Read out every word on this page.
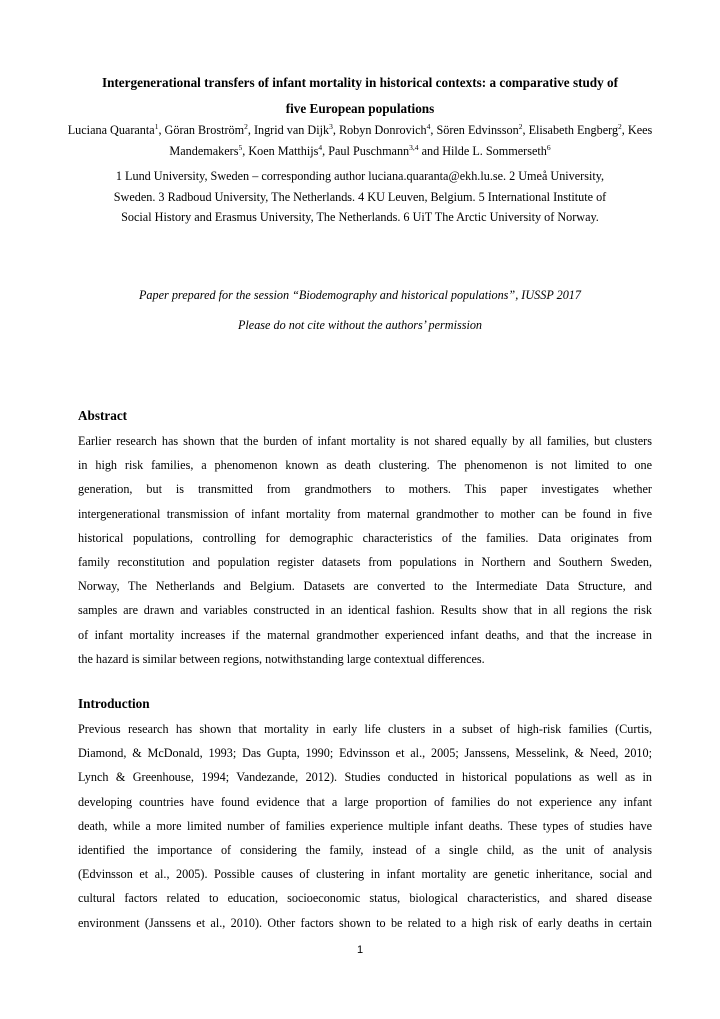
Intergenerational transfers of infant mortality in historical contexts: a comparative study of
five European populations

Luciana Quaranta$^1$, Göran Broström$^2$, Ingrid van Dijk$^3$, Robyn Donrovich$^4$, Sören Edvinsson$^2$, Elisabeth Engberg$^2$, Kees Mandemakers$^5$, Koen Matthijs$^4$, Paul Puschmann$^{3,4}$ and Hilde L. Sommerseth$^6$

1 Lund University, Sweden – corresponding author luciana.quaranta@ekh.lu.se. 2 Umeå University,
Sweden. 3 Radboud University, The Netherlands. 4 KU Leuven, Belgium. 5 International Institute of
Social History and Erasmus University, The Netherlands. 6 UiT The Arctic University of Norway.

Paper prepared for the session “Biodemography and historical populations”, IUSSP 2017

Please do not cite without the authors’ permission

Abstract
Earlier research has shown that the burden of infant mortality is not shared equally by all families, but clusters
in high risk families, a phenomenon known as death clustering. The phenomenon is not limited to one
generation, but is transmitted from grandmothers to mothers. This paper investigates whether
intergenerational transmission of infant mortality from maternal grandmother to mother can be found in five
historical populations, controlling for demographic characteristics of the families. Data originates from
family reconstitution and population register datasets from populations in Northern and Southern Sweden,
Norway, The Netherlands and Belgium. Datasets are converted to the Intermediate Data Structure, and
samples are drawn and variables constructed in an identical fashion. Results show that in all regions the risk
of infant mortality increases if the maternal grandmother experienced infant deaths, and that the increase in
the hazard is similar between regions, notwithstanding large contextual differences.
Introduction
Previous research has shown that mortality in early life clusters in a subset of high-risk families (Curtis,
Diamond, & McDonald, 1993; Das Gupta, 1990; Edvinsson et al., 2005; Janssens, Messelink, & Need, 2010;
Lynch & Greenhouse, 1994; Vandezande, 2012). Studies conducted in historical populations as well as in
developing countries have found evidence that a large proportion of families do not experience any infant
death, while a more limited number of families experience multiple infant deaths. These types of studies have
identified the importance of considering the family, instead of a single child, as the unit of analysis
(Edvinsson et al., 2005). Possible causes of clustering in infant mortality are genetic inheritance, social and
cultural factors related to education, socioeconomic status, biological characteristics, and shared disease
environment (Janssens et al., 2010). Other factors shown to be related to a high risk of early deaths in certain
1
